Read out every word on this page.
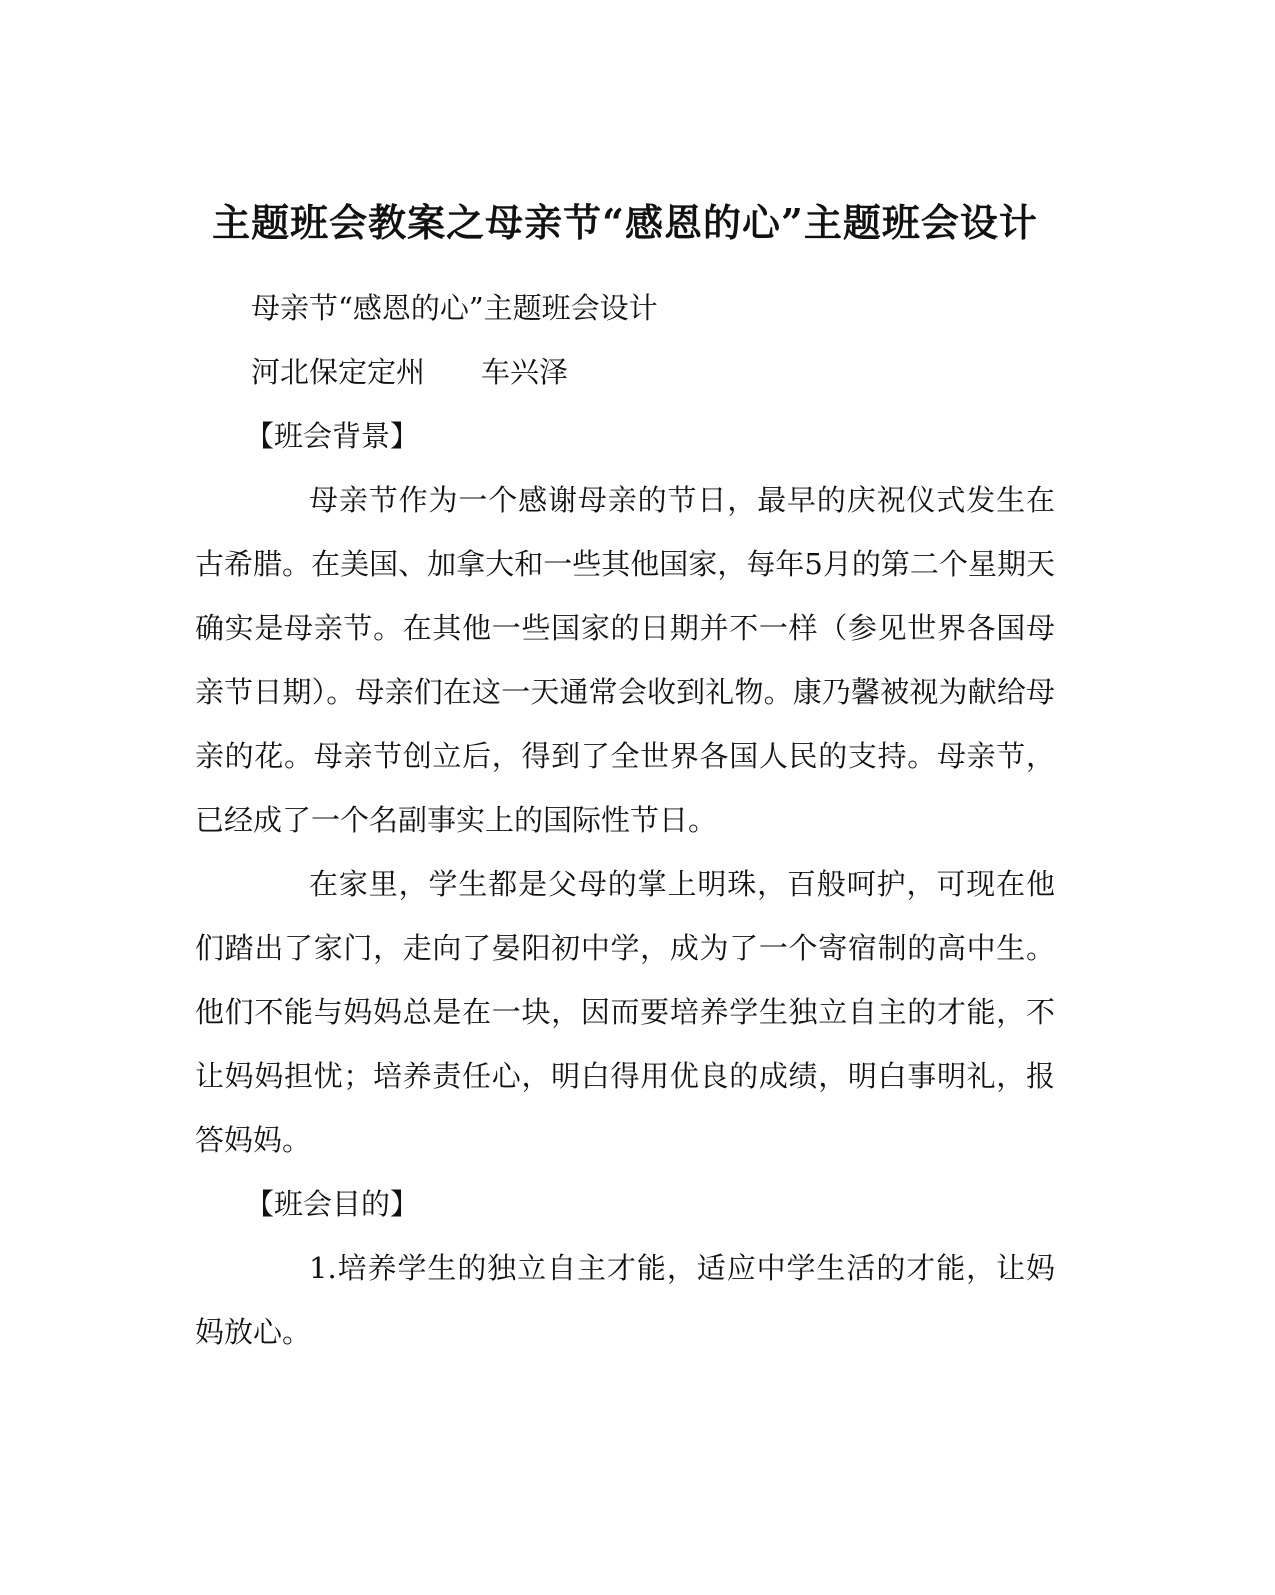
主题班会教案之母亲节“感恩的心”主题班会设计

母亲节“感恩的心”主题班会设计

河北保定定州 车兴泽

【班会背景】

母亲节作为一个感谢母亲的节日，最早的庆祝仪式发生在古希腊。在美国、加拿大和一些其他国家，每年5月的第二个星期天确实是母亲节。在其他一些国家的日期并不一样（参见世界各国母亲节日期）。母亲们在这一天通常会收到礼物。康乃馨被视为献给母亲的花。母亲节创立后，得到了全世界各国人民的支持。母亲节，已经成了一个名副事实上的国际性节日。

在家里，学生都是父母的掌上明珠，百般呵护，可现在他们踏出了家门，走向了晏阳初中学，成为了一个寄宿制的高中生。他们不能与妈妈总是在一块，因而要培养学生独立自主的才能，不让妈妈担忧；培养责任心，明白得用优良的成绩，明白事明礼，报答妈妈。

【班会目的】

1.培养学生的独立自主才能，适应中学生活的才能，让妈妈放心。
